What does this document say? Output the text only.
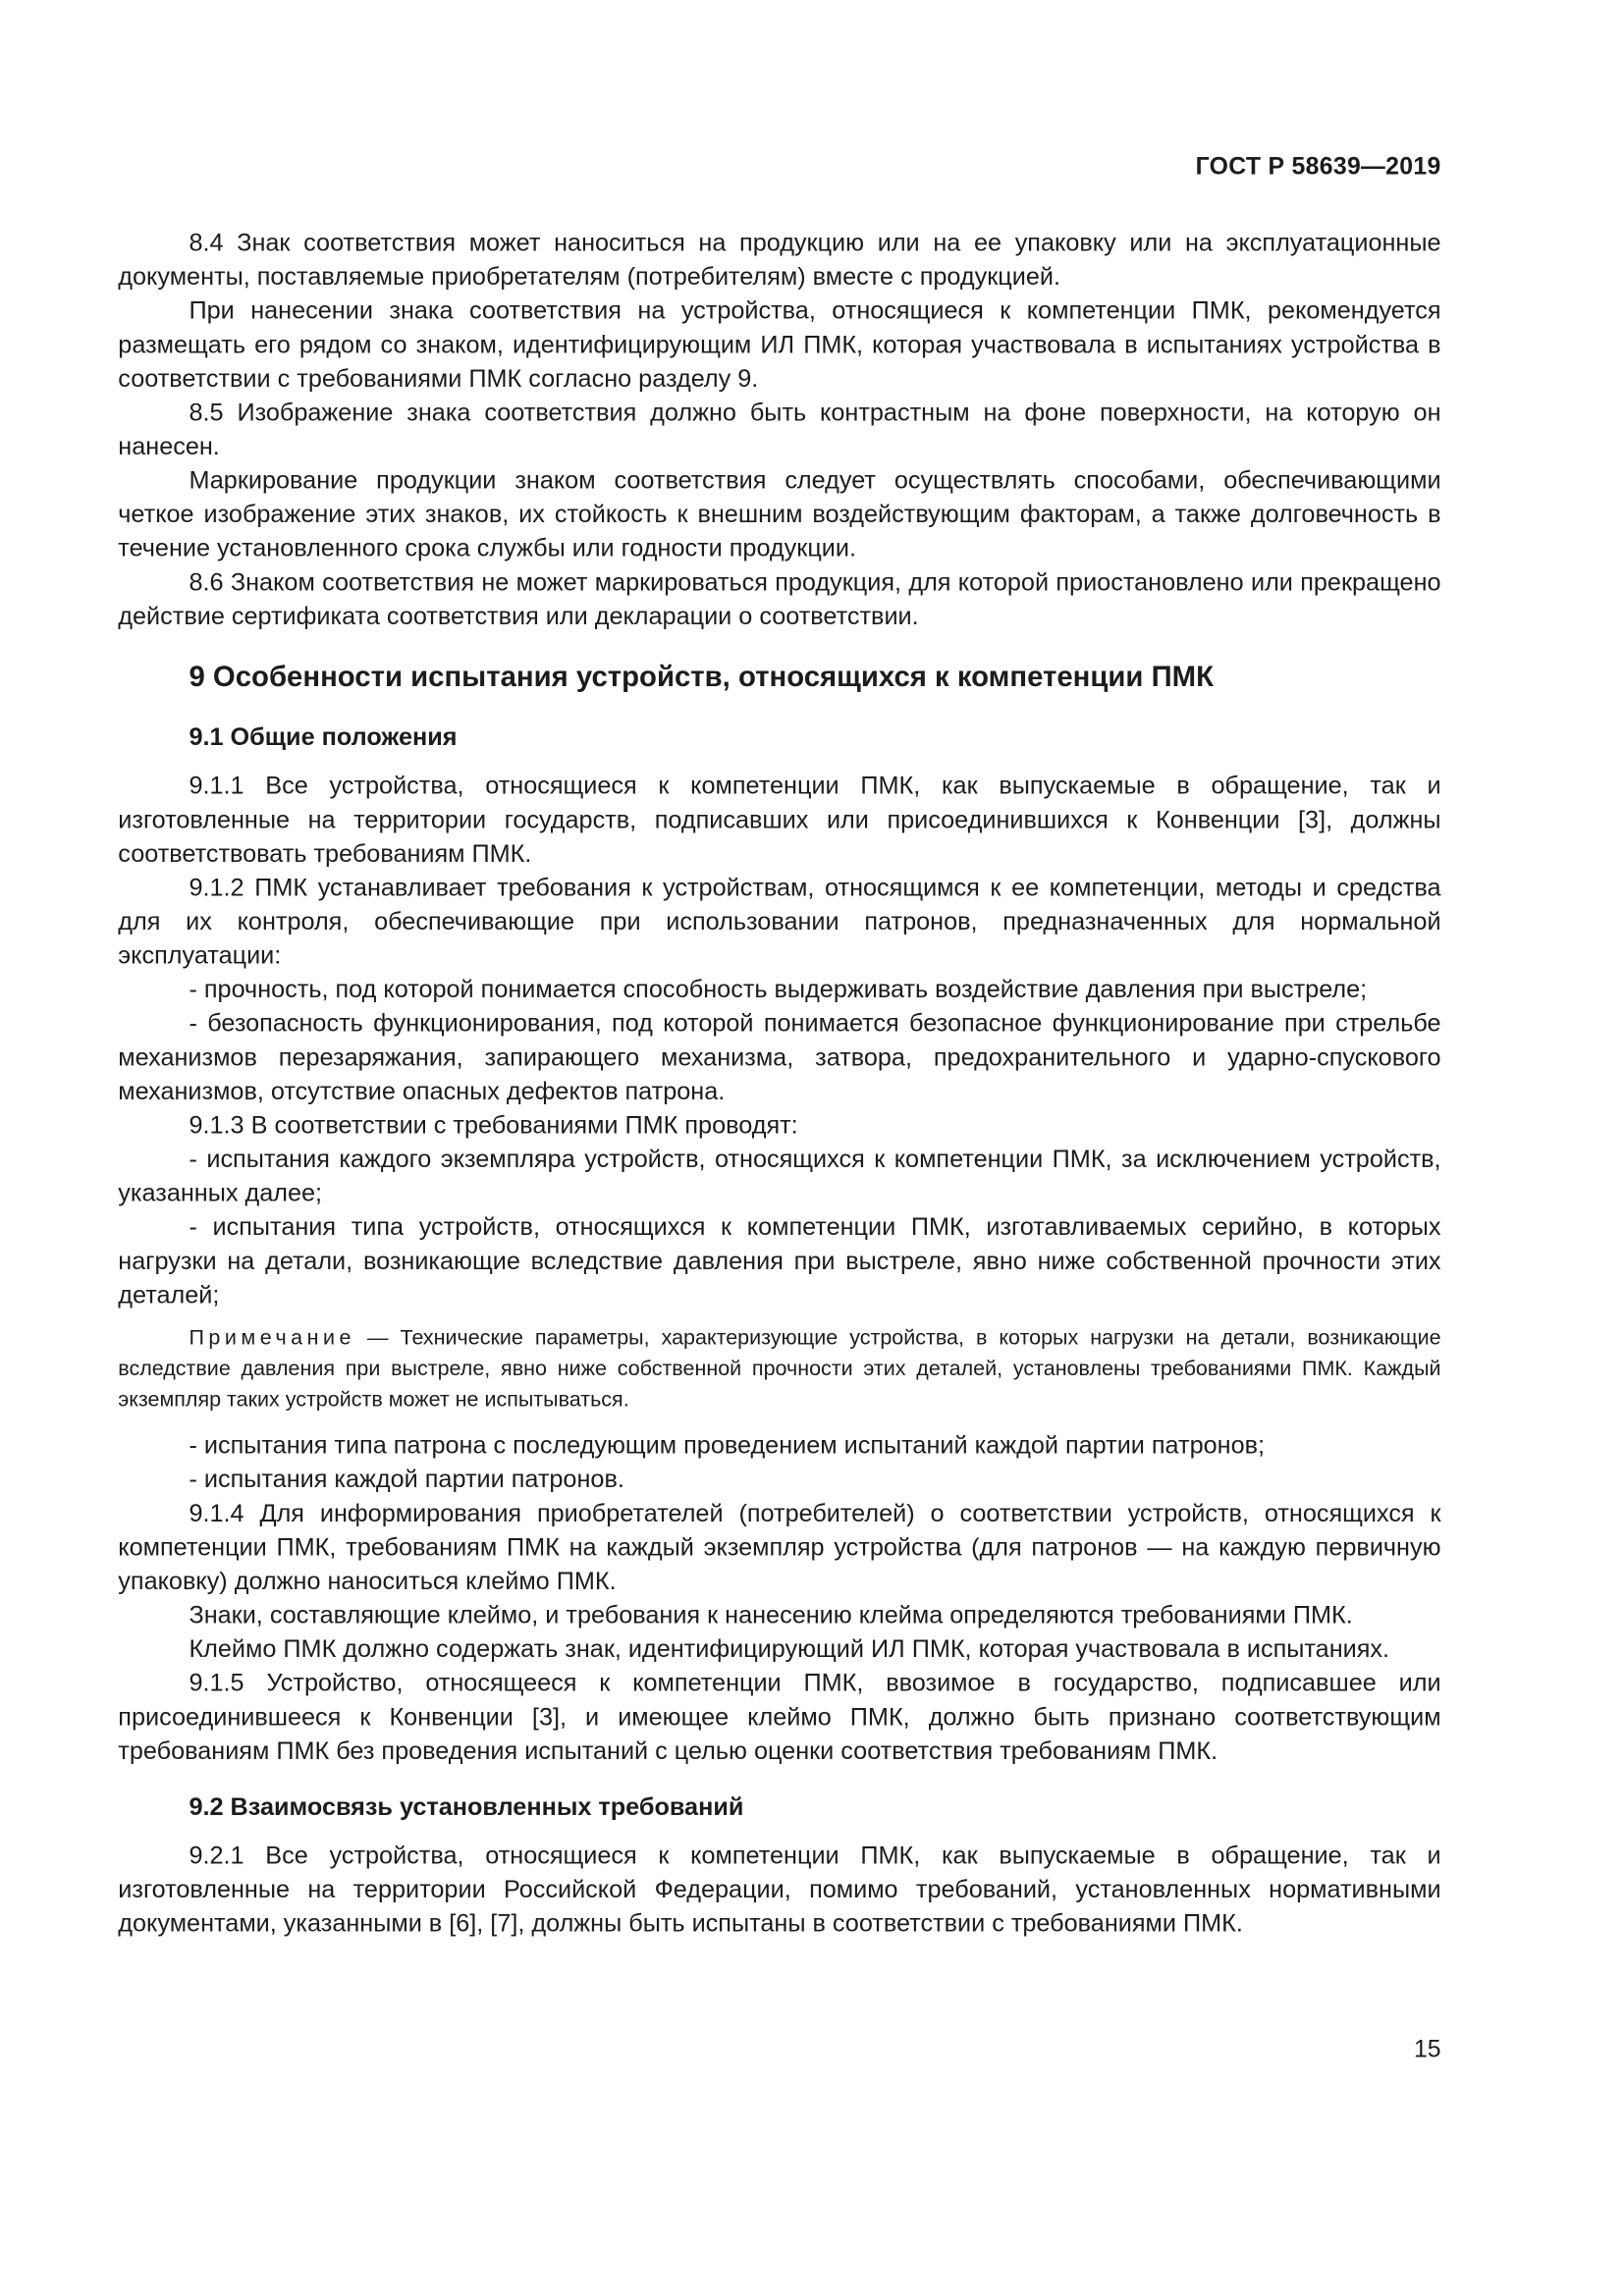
ГОСТ Р 58639—2019

8.4 Знак соответствия может наноситься на продукцию или на ее упаковку или на эксплуатационные документы, поставляемые приобретателям (потребителям) вместе с продукцией.

При нанесении знака соответствия на устройства, относящиеся к компетенции ПМК, рекомендуется размещать его рядом со знаком, идентифицирующим ИЛ ПМК, которая участвовала в испытаниях устройства в соответствии с требованиями ПМК согласно разделу 9.

8.5 Изображение знака соответствия должно быть контрастным на фоне поверхности, на которую он нанесен.

Маркирование продукции знаком соответствия следует осуществлять способами, обеспечивающими четкое изображение этих знаков, их стойкость к внешним воздействующим факторам, а также долговечность в течение установленного срока службы или годности продукции.

8.6 Знаком соответствия не может маркироваться продукция, для которой приостановлено или прекращено действие сертификата соответствия или декларации о соответствии.

9 Особенности испытания устройств, относящихся к компетенции ПМК
9.1 Общие положения

9.1.1 Все устройства, относящиеся к компетенции ПМК, как выпускаемые в обращение, так и изготовленные на территории государств, подписавших или присоединившихся к Конвенции [3], должны соответствовать требованиям ПМК.

9.1.2 ПМК устанавливает требования к устройствам, относящимся к ее компетенции, методы и средства для их контроля, обеспечивающие при использовании патронов, предназначенных для нормальной эксплуатации:

- прочность, под которой понимается способность выдерживать воздействие давления при выстреле;

- безопасность функционирования, под которой понимается безопасное функционирование при стрельбе механизмов перезаряжания, запирающего механизма, затвора, предохранительного и ударно-спускового механизмов, отсутствие опасных дефектов патрона.

9.1.3 В соответствии с требованиями ПМК проводят:

- испытания каждого экземпляра устройств, относящихся к компетенции ПМК, за исключением устройств, указанных далее;

- испытания типа устройств, относящихся к компетенции ПМК, изготавливаемых серийно, в которых нагрузки на детали, возникающие вследствие давления при выстреле, явно ниже собственной прочности этих деталей;

Примечание — Технические параметры, характеризующие устройства, в которых нагрузки на детали, возникающие вследствие давления при выстреле, явно ниже собственной прочности этих деталей, установлены требованиями ПМК. Каждый экземпляр таких устройств может не испытываться.

- испытания типа патрона с последующим проведением испытаний каждой партии патронов;

- испытания каждой партии патронов.

9.1.4 Для информирования приобретателей (потребителей) о соответствии устройств, относящихся к компетенции ПМК, требованиям ПМК на каждый экземпляр устройства (для патронов — на каждую первичную упаковку) должно наноситься клеймо ПМК.

Знаки, составляющие клеймо, и требования к нанесению клейма определяются требованиями ПМК.

Клеймо ПМК должно содержать знак, идентифицирующий ИЛ ПМК, которая участвовала в испытаниях.

9.1.5 Устройство, относящееся к компетенции ПМК, ввозимое в государство, подписавшее или присоединившееся к Конвенции [3], и имеющее клеймо ПМК, должно быть признано соответствующим требованиям ПМК без проведения испытаний с целью оценки соответствия требованиям ПМК.

9.2 Взаимосвязь установленных требований

9.2.1 Все устройства, относящиеся к компетенции ПМК, как выпускаемые в обращение, так и изготовленные на территории Российской Федерации, помимо требований, установленных нормативными документами, указанными в [6], [7], должны быть испытаны в соответствии с требованиями ПМК.

15
